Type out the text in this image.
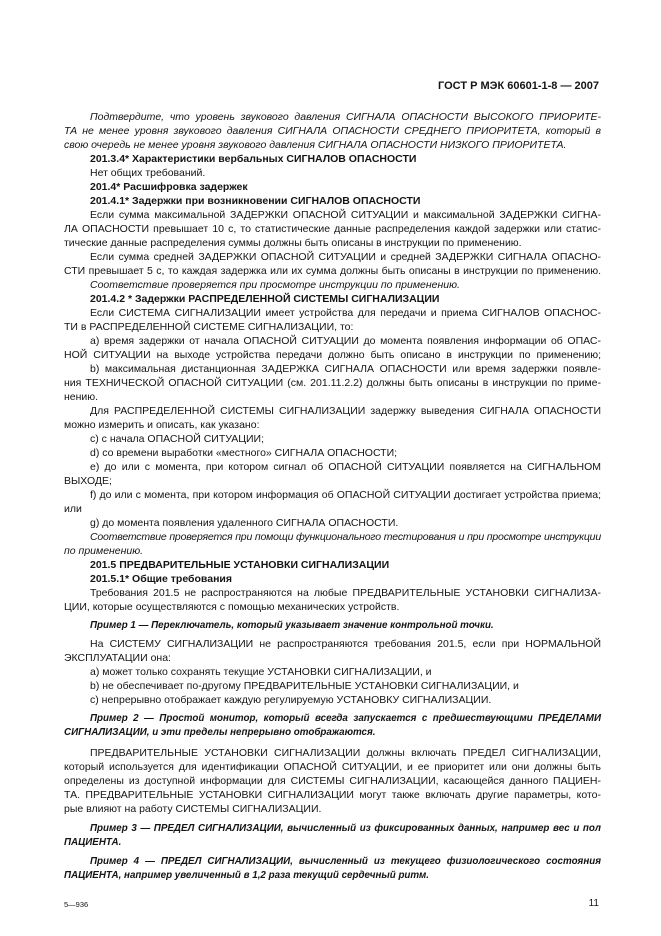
ГОСТ Р МЭК 60601-1-8 — 2007
Подтвердите, что уровень звукового давления СИГНАЛА ОПАСНОСТИ ВЫСОКОГО ПРИОРИТЕ-
ТА не менее уровня звукового давления СИГНАЛА ОПАСНОСТИ СРЕДНЕГО ПРИОРИТЕТА, который в
свою очередь не менее уровня звукового давления СИГНАЛА ОПАСНОСТИ НИЗКОГО ПРИОРИТЕТА.
201.3.4* Характеристики вербальных СИГНАЛОВ ОПАСНОСТИ
Нет общих требований.
201.4* Расшифровка задержек
201.4.1* Задержки при возникновении СИГНАЛОВ ОПАСНОСТИ
Если сумма максимальной ЗАДЕРЖКИ ОПАСНОЙ СИТУАЦИИ и максимальной ЗАДЕРЖКИ СИГНА-
ЛА ОПАСНОСТИ превышает 10 с, то статистические данные распределения каждой задержки или статис-
тические данные распределения суммы должны быть описаны в инструкции по применению.
Если сумма средней ЗАДЕРЖКИ ОПАСНОЙ СИТУАЦИИ и средней ЗАДЕРЖКИ СИГНАЛА ОПАСНО-
СТИ превышает 5 с, то каждая задержка или их сумма должны быть описаны в инструкции по применению.
Соответствие проверяется при просмотре инструкции по применению.
201.4.2 * Задержки РАСПРЕДЕЛЕННОЙ СИСТЕМЫ СИГНАЛИЗАЦИИ
Если СИСТЕМА СИГНАЛИЗАЦИИ имеет устройства для передачи и приема СИГНАЛОВ ОПАСНОС-
ТИ в РАСПРЕДЕЛЕННОЙ СИСТЕМЕ СИГНАЛИЗАЦИИ, то:
a) время задержки от начала ОПАСНОЙ СИТУАЦИИ до момента появления информации об ОПАС-
НОЙ СИТУАЦИИ на выходе устройства передачи должно быть описано в инструкции по применению;
b) максимальная дистанционная ЗАДЕРЖКА СИГНАЛА ОПАСНОСТИ или время задержки появле-
ния ТЕХНИЧЕСКОЙ ОПАСНОЙ СИТУАЦИИ (см. 201.11.2.2) должны быть описаны в инструкции по приме-
нению.
Для РАСПРЕДЕЛЕННОЙ СИСТЕМЫ СИГНАЛИЗАЦИИ задержку выведения СИГНАЛА ОПАСНОСТИ
можно измерить и описать, как указано:
c) с начала ОПАСНОЙ СИТУАЦИИ;
d) со времени выработки «местного» СИГНАЛА ОПАСНОСТИ;
e) до или с момента, при котором сигнал об ОПАСНОЙ СИТУАЦИИ появляется на СИГНАЛЬНОМ
ВЫХОДЕ;
f) до или с момента, при котором информация об ОПАСНОЙ СИТУАЦИИ достигает устройства приема;
или
g) до момента появления удаленного СИГНАЛА ОПАСНОСТИ.
Соответствие проверяется при помощи функционального тестирования и при просмотре инструкции
по применению.
201.5 ПРЕДВАРИТЕЛЬНЫЕ УСТАНОВКИ СИГНАЛИЗАЦИИ
201.5.1* Общие требования
Требования 201.5 не распространяются на любые ПРЕДВАРИТЕЛЬНЫЕ УСТАНОВКИ СИГНАЛИЗА-
ЦИИ, которые осуществляются с помощью механических устройств.
Пример 1 — Переключатель, который указывает значение контрольной точки.
На СИСТЕМУ СИГНАЛИЗАЦИИ не распространяются требования 201.5, если при НОРМАЛЬНОЙ
ЭКСПЛУАТАЦИИ она:
a) может только сохранять текущие УСТАНОВКИ СИГНАЛИЗАЦИИ, и
b) не обеспечивает по-другому ПРЕДВАРИТЕЛЬНЫЕ УСТАНОВКИ СИГНАЛИЗАЦИИ, и
c) непрерывно отображает каждую регулируемую УСТАНОВКУ СИГНАЛИЗАЦИИ.
Пример 2 — Простой монитор, который всегда запускается с предшествующими ПРЕДЕЛАМИ
СИГНАЛИЗАЦИИ, и эти пределы непрерывно отображаются.
ПРЕДВАРИТЕЛЬНЫЕ УСТАНОВКИ СИГНАЛИЗАЦИИ должны включать ПРЕДЕЛ СИГНАЛИЗАЦИИ,
который используется для идентификации ОПАСНОЙ СИТУАЦИИ, и ее приоритет или они должны быть
определены из доступной информации для СИСТЕМЫ СИГНАЛИЗАЦИИ, касающейся данного ПАЦИЕН-
ТА. ПРЕДВАРИТЕЛЬНЫЕ УСТАНОВКИ СИГНАЛИЗАЦИИ могут также включать другие параметры, кото-
рые влияют на работу СИСТЕМЫ СИГНАЛИЗАЦИИ.
Пример 3 — ПРЕДЕЛ СИГНАЛИЗАЦИИ, вычисленный из фиксированных данных, например вес и пол
ПАЦИЕНТА.
Пример 4 — ПРЕДЕЛ СИГНАЛИЗАЦИИ, вычисленный из текущего физиологического состояния
ПАЦИЕНТА, например увеличенный в 1,2 раза текущий сердечный ритм.
5—936	11
